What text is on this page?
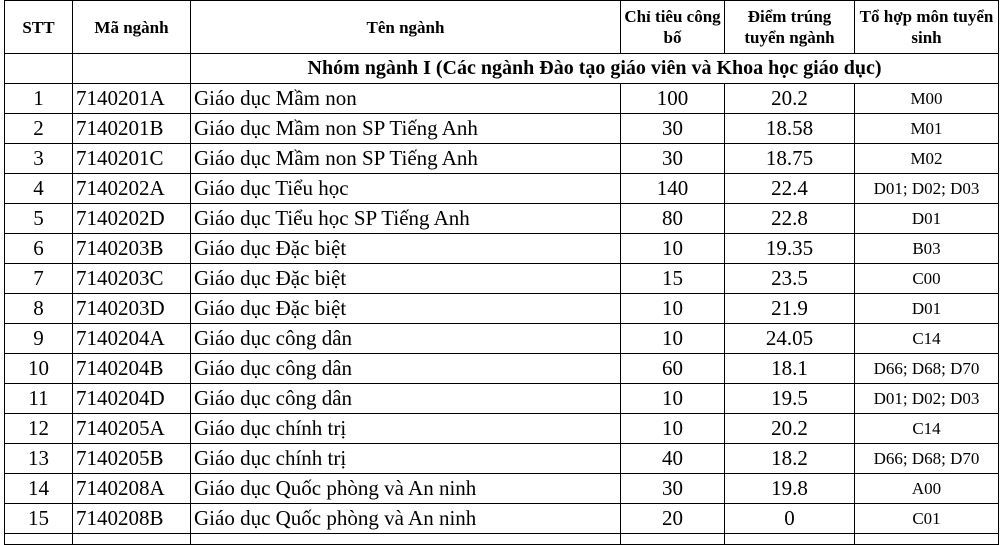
STT	Mã ngành	Tên ngành	Chỉ tiêu công bố	Điểm trúng tuyển ngành	Tổ hợp môn tuyển sinh
		Nhóm ngành I (Các ngành Đào tạo giáo viên và Khoa học giáo dục)			
1	7140201A	Giáo dục Mầm non	100	20.2	M00
2	7140201B	Giáo dục Mầm non SP Tiếng Anh	30	18.58	M01
3	7140201C	Giáo dục Mầm non SP Tiếng Anh	30	18.75	M02
4	7140202A	Giáo dục Tiểu học	140	22.4	D01; D02; D03
5	7140202D	Giáo dục Tiểu học SP Tiếng Anh	80	22.8	D01
6	7140203B	Giáo dục Đặc biệt	10	19.35	B03
7	7140203C	Giáo dục Đặc biệt	15	23.5	C00
8	7140203D	Giáo dục Đặc biệt	10	21.9	D01
9	7140204A	Giáo dục công dân	10	24.05	C14
10	7140204B	Giáo dục công dân	60	18.1	D66; D68; D70
11	7140204D	Giáo dục công dân	10	19.5	D01; D02; D03
12	7140205A	Giáo dục chính trị	10	20.2	C14
13	7140205B	Giáo dục chính trị	40	18.2	D66; D68; D70
14	7140208A	Giáo dục Quốc phòng và An ninh	30	19.8	A00
15	7140208B	Giáo dục Quốc phòng và An ninh	20	0	C01
